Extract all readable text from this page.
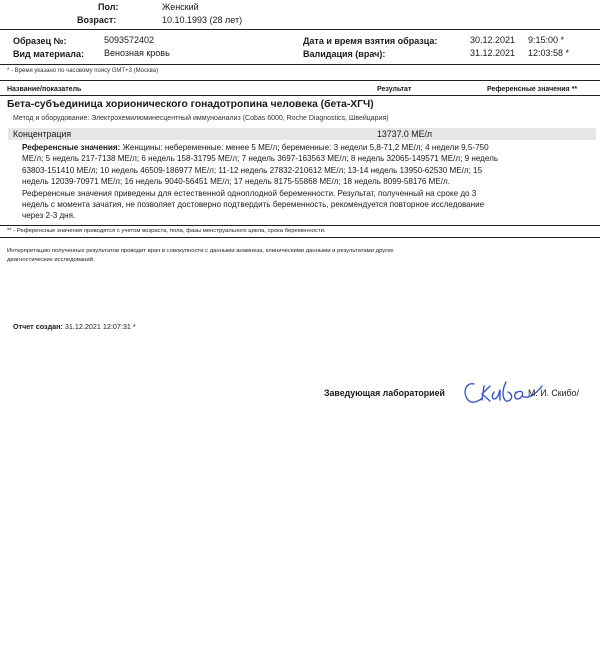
Пол:	Женский
Возраст:	10.10.1993 (28 лет)
Образец №:	5093572402
Вид материала: Венозная кровь
Дата и время взятия образца:	30.12.2021 9:15:00 *
Валидация (врач):	31.12.2021 12:03:58 *
* - Время указано по часовому поясу GMT+3 (Москва)
Название/показатель	Результат	Референсные значения **
Бета-субъединица хорионического гонадотропина человека (бета-ХГЧ)
Метод и оборудование: Электрохемилюминесцентный иммуноанализ (Cobas 6000, Roche Diagnostics, Швейцария)
Концентрация	13737.0 МЕ/л
Референсные значения: Женщины: небеременные: менее 5 МЕ/л; беременные: 3 недели 5,8-71,2 МЕ/л; 4 недели 9,5-750
МЕ/л; 5 недель 217-7138 МЕ/л; 6 недель 158-31795 МЕ/л; 7 недель 3697-163563 МЕ/л; 8 недель 32065-149571 МЕ/л; 9 недель
63803-151410 МЕ/л; 10 недель 46509-186977 МЕ/л; 11-12 недель 27832-210612 МЕ/л; 13-14 недель 13950-62530 МЕ/л; 15
недель 12039-70971 МЕ/л; 16 недель 9040-56451 МЕ/л; 17 недель 8175-55868 МЕ/л; 18 недель 8099-58176 МЕ/л.
Референсные значения приведены для естественной одноплодной беременности. Результат, полученный на сроке до 3
недель с момента зачатия, не позволяет достоверно подтвердить беременность, рекомендуется повторное исследование
через 2-3 дня.
** - Референсные значения приводятся с учетом возраста, пола, фазы менструального цикла, срока беременности.
Интерпретацию полученных результатов проводит врач в совокупности с данными анамнеза, клиническими данными и результатами других
диагностических исследований.
Отчет создан: 31.12.2021 12:07:31 *
Заведующая лабораторией	М. И. Скибо/
